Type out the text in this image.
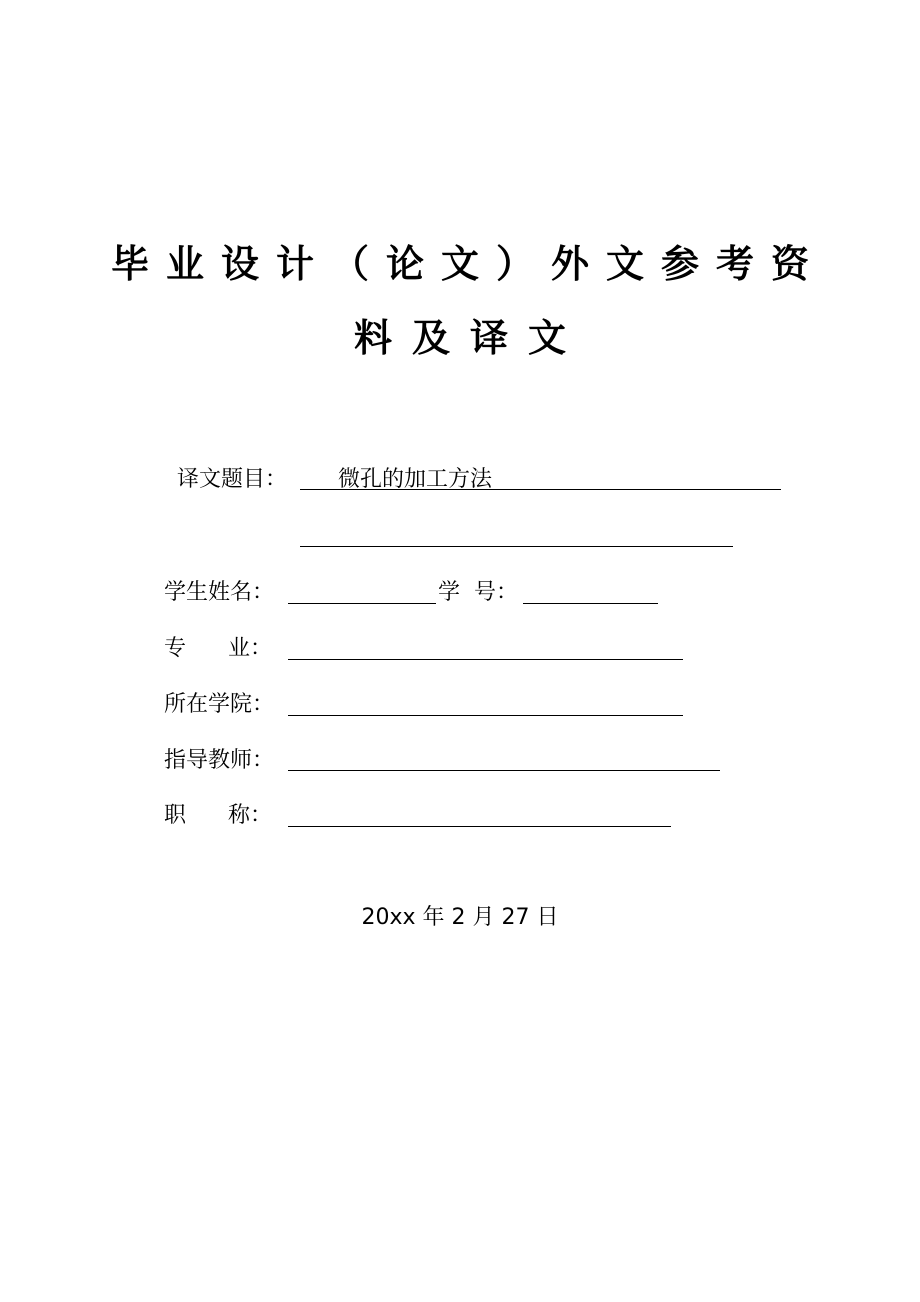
毕业设计（论文）外文参考资
料及译文
译文题目： 微孔的加工方法
学生姓名：	学  号：
专      业：
所在学院：
指导教师：
职      称：
20xx 年 2 月 27 日
